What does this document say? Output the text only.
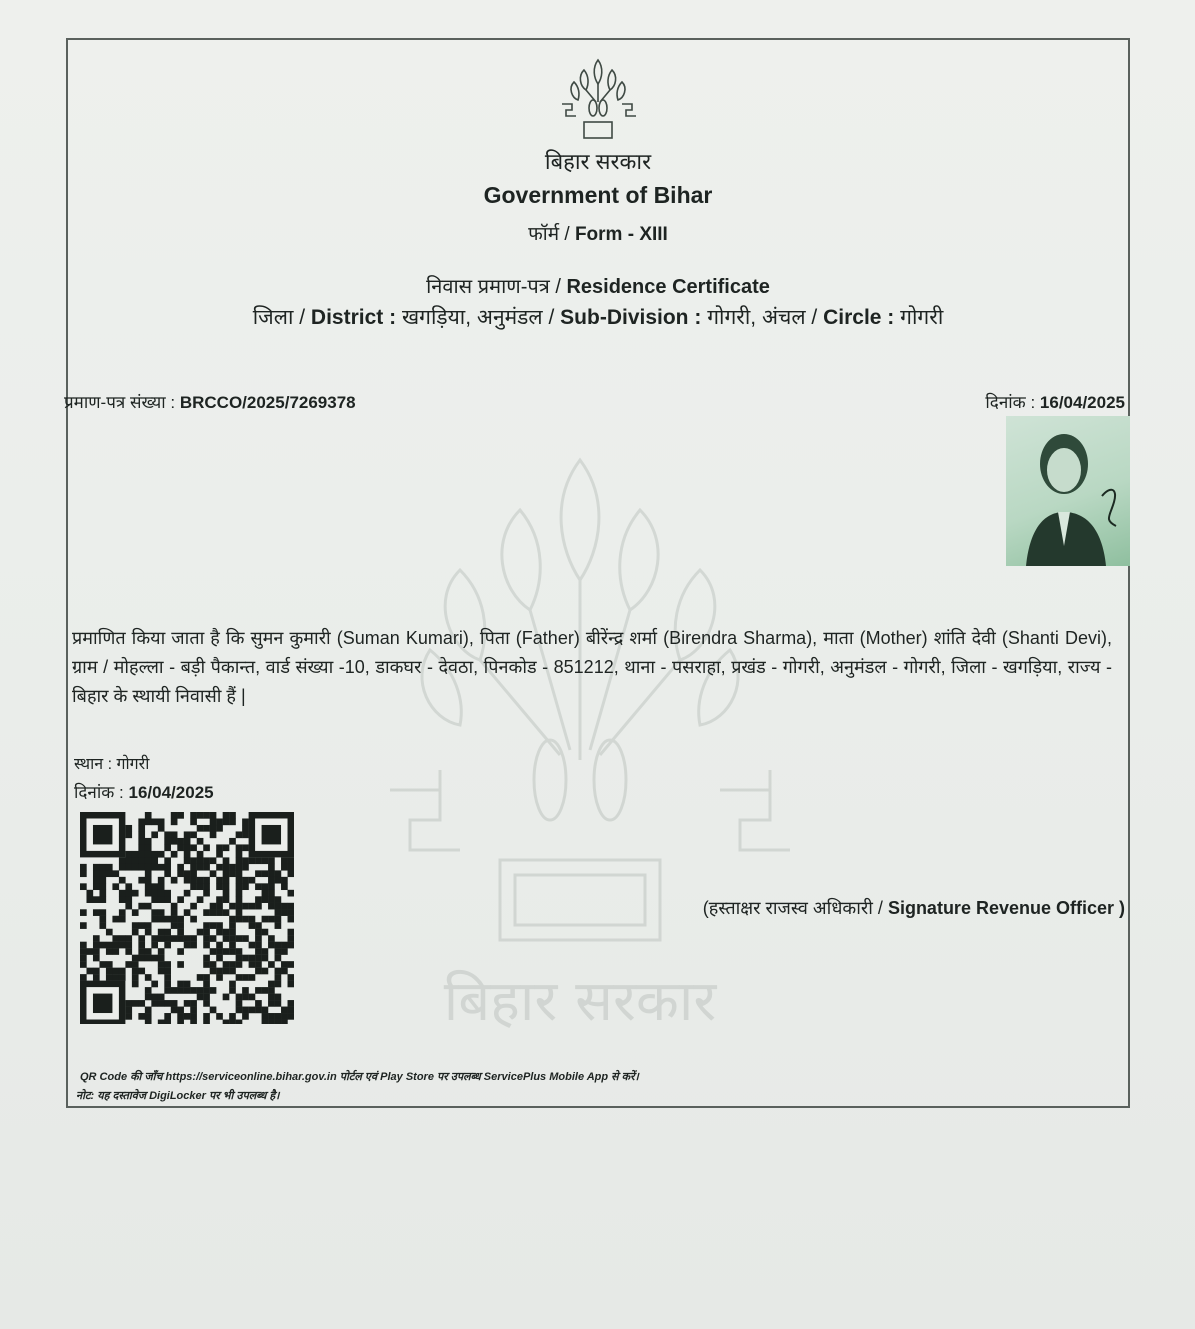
बिहार सरकार
बिहार सरकार
Government of Bihar
फॉर्म / Form - XIII
निवास प्रमाण-पत्र / Residence Certificate
जिला / District : खगड़िया, अनुमंडल / Sub-Division : गोगरी, अंचल / Circle : गोगरी
प्रमाण-पत्र संख्या : BRCCO/2025/7269378	दिनांक : 16/04/2025
प्रमाणित किया जाता है कि सुमन कुमारी (Suman Kumari), पिता (Father) बीरेंन्द्र शर्मा (Birendra Sharma), माता (Mother) शांति देवी (Shanti Devi), ग्राम / मोहल्ला - बड़ी पैकान्त, वार्ड संख्या -10, डाकघर - देवठा, पिनकोड - 851212, थाना - पसराहा, प्रखंड - गोगरी, अनुमंडल - गोगरी, जिला - खगड़िया, राज्य - बिहार के स्थायी निवासी हैं |
स्थान : गोगरी
दिनांक : 16/04/2025
(हस्ताक्षर राजस्व अधिकारी / Signature Revenue Officer )
QR Code की जाँच https://serviceonline.bihar.gov.in पोर्टल एवं Play Store पर उपलब्ध ServicePlus Mobile App से करें।
नोट: यह दस्तावेज DigiLocker पर भी उपलब्ध है।
